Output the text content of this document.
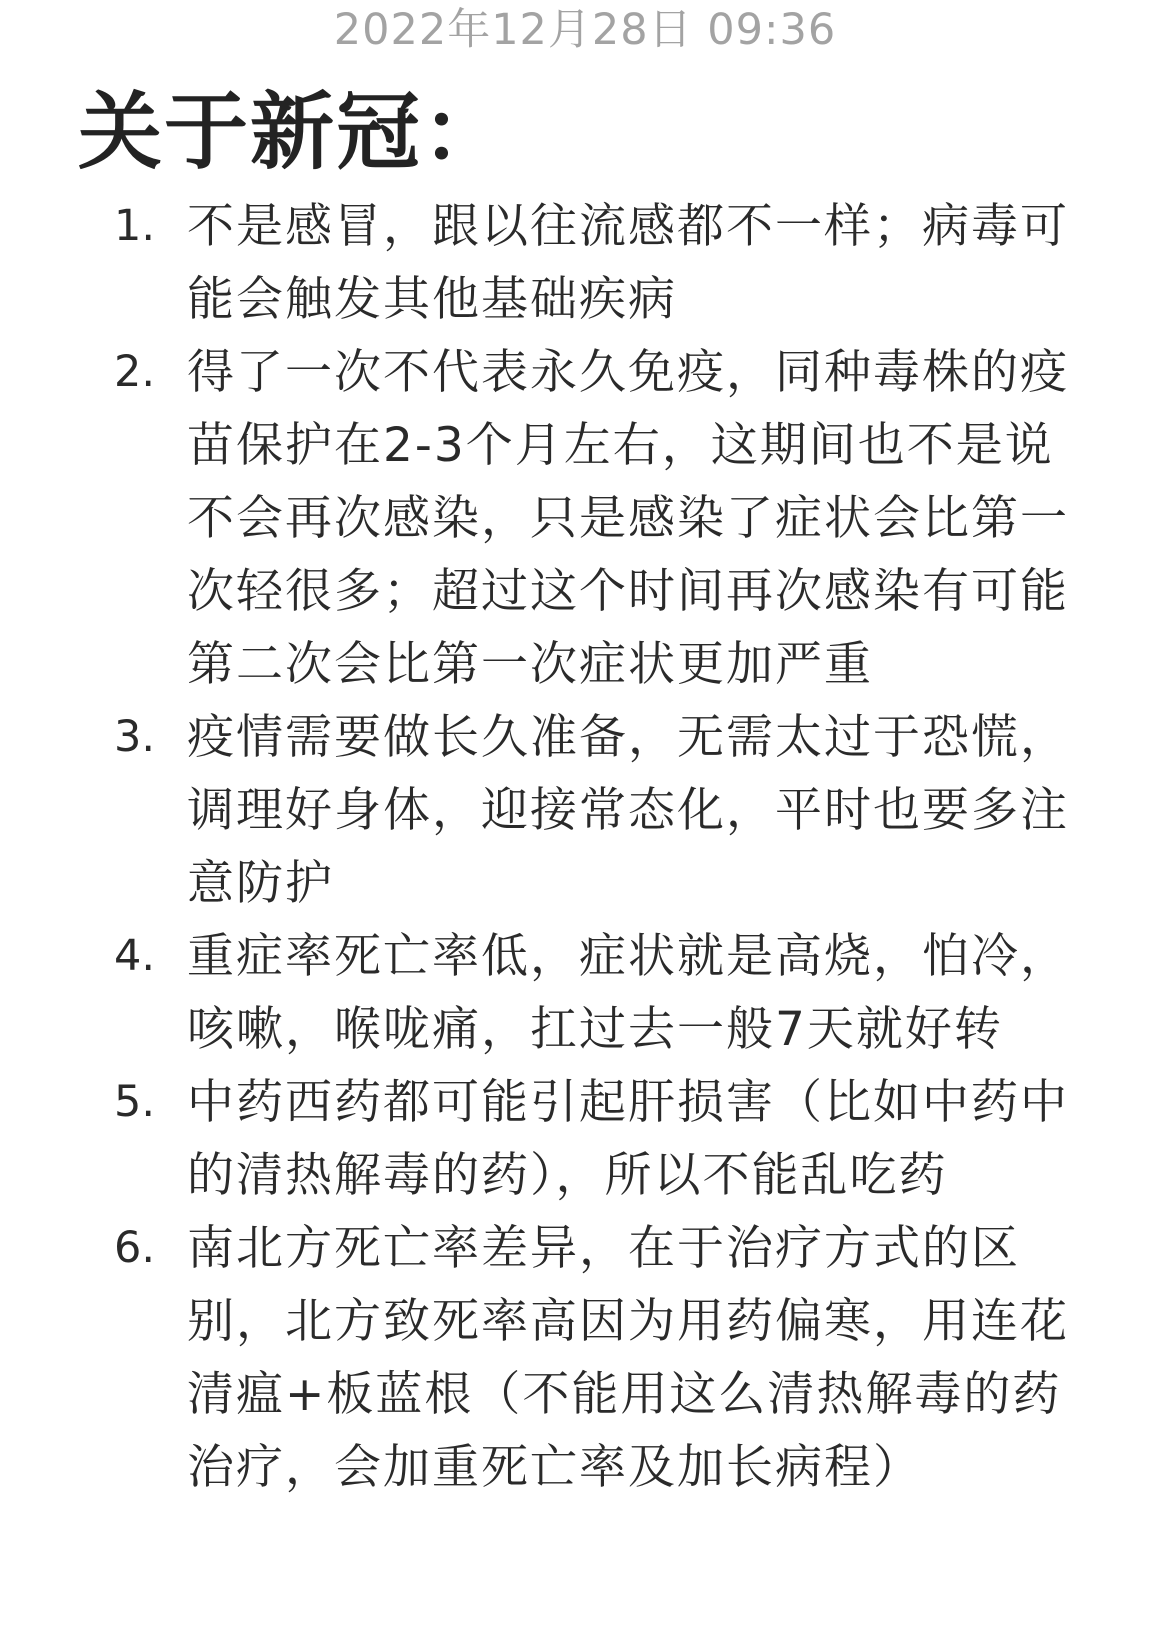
2022年12月28日 09:36
关于新冠：
1. 不是感冒，跟以往流感都不一样；病毒可能会触发其他基础疾病
2. 得了一次不代表永久免疫，同种毒株的疫苗保护在2-3个月左右，这期间也不是说不会再次感染，只是感染了症状会比第一次轻很多；超过这个时间再次感染有可能第二次会比第一次症状更加严重
3. 疫情需要做长久准备，无需太过于恐慌，调理好身体，迎接常态化，平时也要多注意防护
4. 重症率死亡率低，症状就是高烧，怕冷，咳嗽，喉咙痛，扛过去一般7天就好转
5. 中药西药都可能引起肝损害（比如中药中的清热解毒的药），所以不能乱吃药
6. 南北方死亡率差异，在于治疗方式的区别，北方致死率高因为用药偏寒，用连花清瘟+板蓝根（不能用这么清热解毒的药治疗，会加重死亡率及加长病程）
